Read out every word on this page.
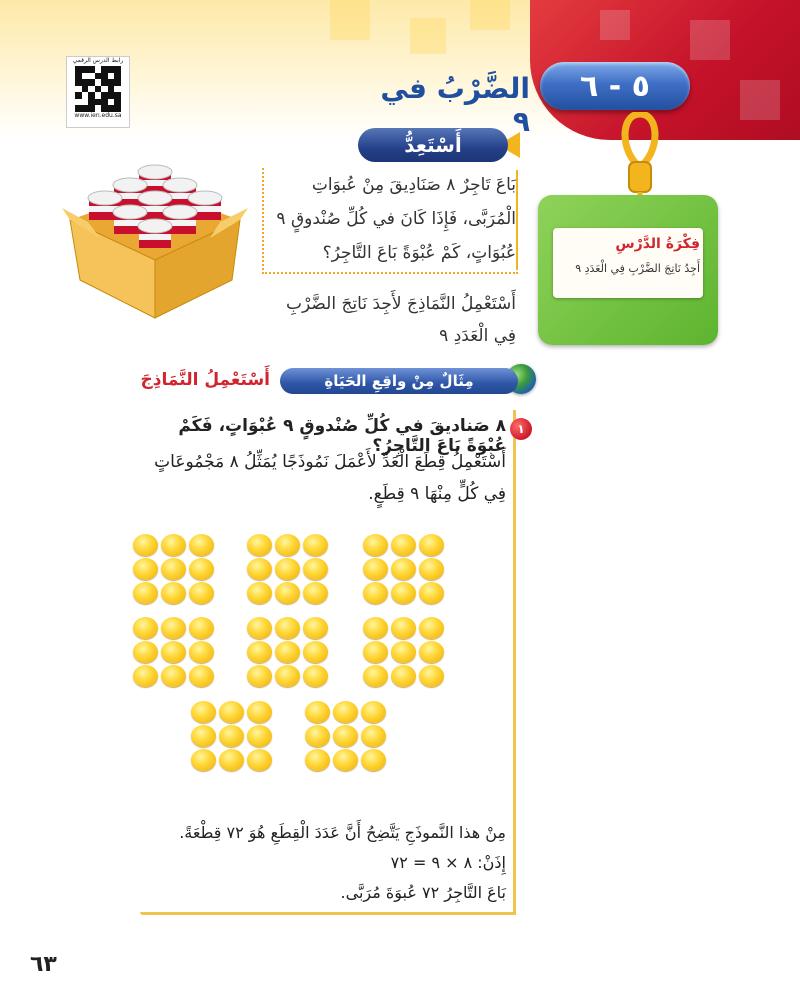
رابط الدرس الرقمي
www.ien.edu.sa
٥ - ٦
الضَّرْبُ في ٩
فِكْرَةُ الدَّرْسِ
أَجِدُ نَاتِجَ الضَّرْبِ فِي الْعَدَدِ ٩
أَسْتَعِدُّ
بَاعَ تَاجِرٌ ٨ صَنَادِيقَ مِنْ عُبوَاتِ الْمُرَبَّى، فَإِذَا كَانَ في كُلِّ صُنْدوقٍ ٩ عُبُوَاتٍ، كَمْ عُبْوَةً بَاعَ التَّاجِرُ؟
أَسْتَعْمِلُ النَّمَاذِجَ لأَجِدَ نَاتِجَ الضَّرْبِ فِي الْعَدَدِ ٩
مِثَالٌ مِنْ واقِعِ الحَيَاةِ
أَسْتَعْمِلُ النَّمَاذِجَ
١
٨ صَناديقَ في كُلِّ صُنْدوقٍ ٩ عُبْوَاتٍ، فَكَمْ عُبْوَةً بَاعَ التَّاجِرُ؟
أَسْتَعْمِلُ قِطَعَ الْعَدِّ لأَعْمَلَ نَمُوذَجًا يُمَثِّلُ ٨ مَجْمُوعَاتٍ فِي كُلٍّ مِنْهَا ٩ قِطَعٍ.
مِنْ هذا النَّموذَجِ يَتَّضِحُ أَنَّ عَدَدَ الْقِطَعِ هُوَ ٧٢ قِطْعَةً.
إِذَنْ: ٨ × ٩ = ٧٢
بَاعَ التَّاجِرُ ٧٢ عُبوَةَ مُرَبَّى.
٦٣
